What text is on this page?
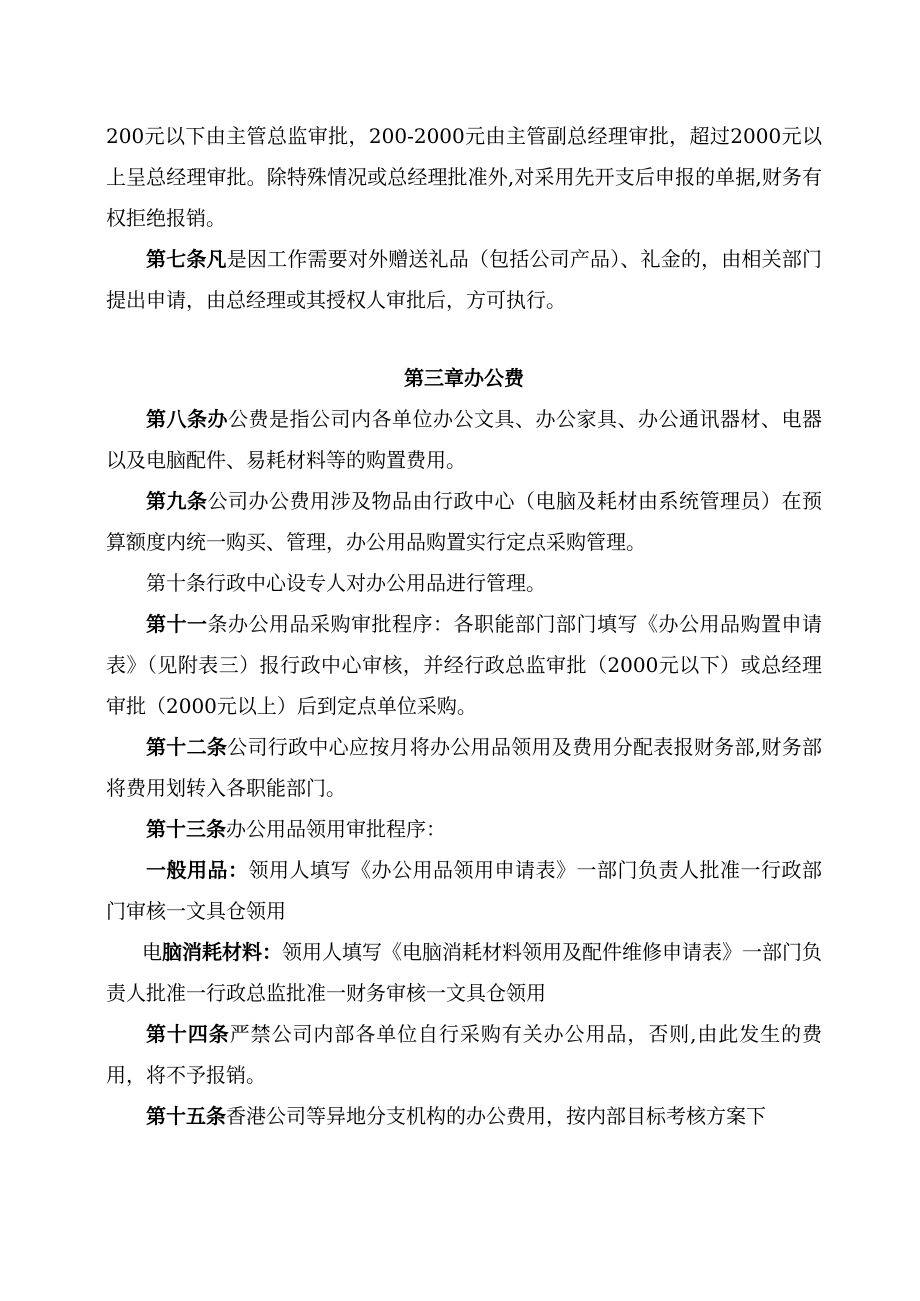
200元以下由主管总监审批，200-2000元由主管副总经理审批，超过2000元以上呈总经理审批。除特殊情况或总经理批准外,对采用先开支后申报的单据,财务有权拒绝报销。

第七条凡是因工作需要对外赠送礼品（包括公司产品）、礼金的，由相关部门提出申请，由总经理或其授权人审批后，方可执行。

第三章办公费

第八条办公费是指公司内各单位办公文具、办公家具、办公通讯器材、电器以及电脑配件、易耗材料等的购置费用。

第九条公司办公费用涉及物品由行政中心（电脑及耗材由系统管理员）在预算额度内统一购买、管理，办公用品购置实行定点采购管理。

第十条行政中心设专人对办公用品进行管理。

第十一条办公用品采购审批程序：各职能部门部门填写《办公用品购置申请表》（见附表三）报行政中心审核，并经行政总监审批（2000元以下）或总经理审批（2000元以上）后到定点单位采购。

第十二条公司行政中心应按月将办公用品领用及费用分配表报财务部,财务部将费用划转入各职能部门。

第十三条办公用品领用审批程序：

一般用品：领用人填写《办公用品领用申请表》一部门负责人批准一行政部门审核一文具仓领用

电脑消耗材料：领用人填写《电脑消耗材料领用及配件维修申请表》一部门负责人批准一行政总监批准一财务审核一文具仓领用

第十四条严禁公司内部各单位自行采购有关办公用品，否则,由此发生的费用，将不予报销。

第十五条香港公司等异地分支机构的办公费用，按内部目标考核方案下
